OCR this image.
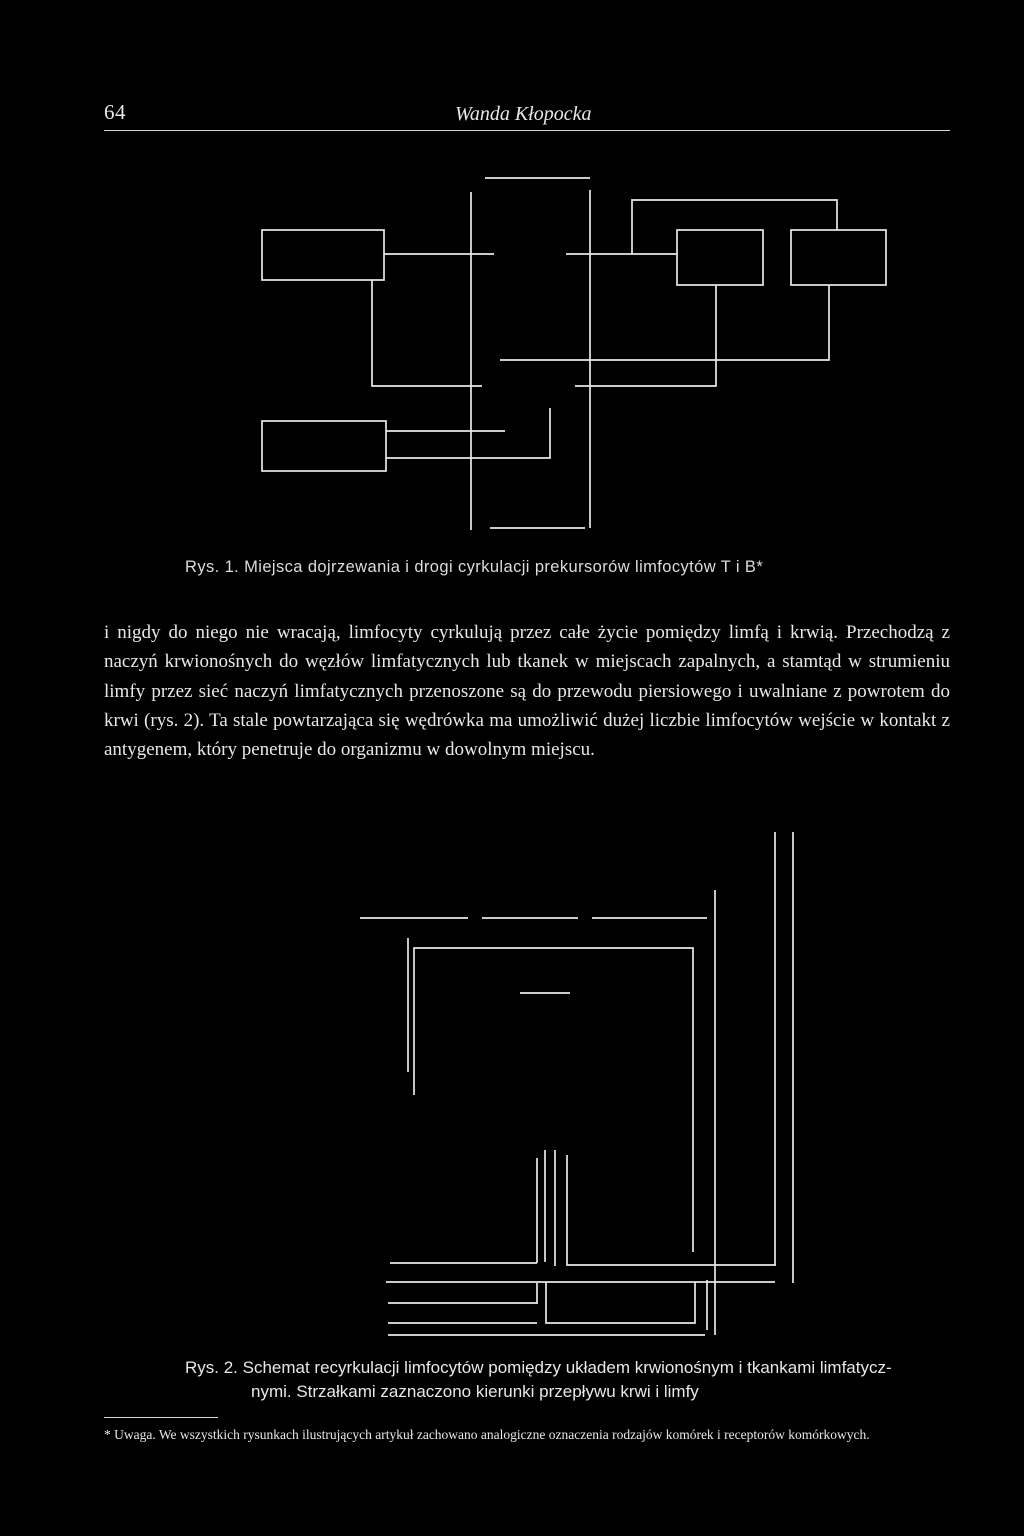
64	Wanda Kłopocka
Rys. 1. Miejsca dojrzewania i drogi cyrkulacji prekursorów limfocytów T i B*

i nigdy do niego nie wracają, limfocyty cyrkulują przez całe życie pomiędzy limfą i krwią. Przechodzą z naczyń krwionośnych do węzłów limfatycznych lub tkanek w miejscach zapalnych, a stamtąd w strumieniu limfy przez sieć naczyń limfatycznych przenoszone są do przewodu piersiowego i uwalniane z powrotem do krwi (rys. 2). Ta stale powtarzająca się wędrówka ma umożliwić dużej liczbie limfocytów wejście w kontakt z antygenem, który penetruje do organizmu w dowolnym miejscu.

Rys. 2. Schemat recyrkulacji limfocytów pomiędzy układem krwionośnym i tkankami limfatycz-
nymi. Strzałkami zaznaczono kierunki przepływu krwi i limfy

* Uwaga. We wszystkich rysunkach ilustrujących artykuł zachowano analogiczne oznaczenia rodzajów komórek i receptorów komórkowych.
